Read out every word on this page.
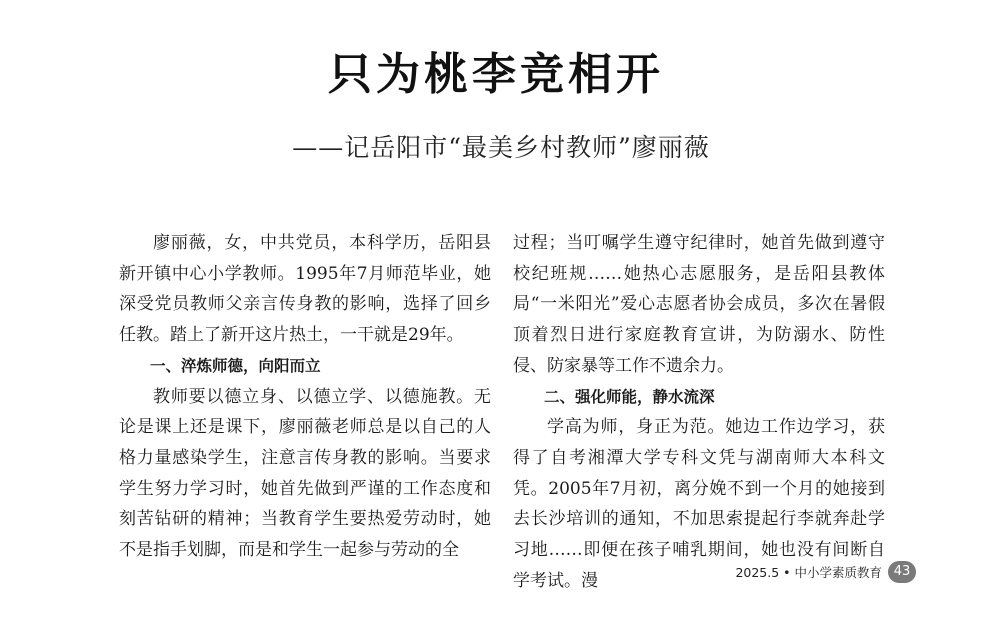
只为桃李竞相开
——记岳阳市“最美乡村教师”廖丽薇

廖丽薇，女，中共党员，本科学历，岳阳县新开镇中心小学教师。1995年7月师范毕业，她深受党员教师父亲言传身教的影响，选择了回乡任教。踏上了新开这片热土，一干就是29年。

一、淬炼师德，向阳而立

教师要以德立身、以德立学、以德施教。无论是课上还是课下，廖丽薇老师总是以自己的人格力量感染学生，注意言传身教的影响。当要求学生努力学习时，她首先做到严谨的工作态度和刻苦钻研的精神；当教育学生要热爱劳动时，她不是指手划脚，而是和学生一起参与劳动的全

过程；当叮嘱学生遵守纪律时，她首先做到遵守校纪班规……她热心志愿服务，是岳阳县教体局“一米阳光”爱心志愿者协会成员，多次在暑假顶着烈日进行家庭教育宣讲，为防溺水、防性侵、防家暴等工作不遗余力。

二、强化师能，静水流深

学高为师，身正为范。她边工作边学习，获得了自考湘潭大学专科文凭与湖南师大本科文凭。2005年7月初，离分娩不到一个月的她接到去长沙培训的通知，不加思索提起行李就奔赴学习地……即便在孩子哺乳期间，她也没有间断自学考试。漫	2025.5 • 中小学素质教育 43
